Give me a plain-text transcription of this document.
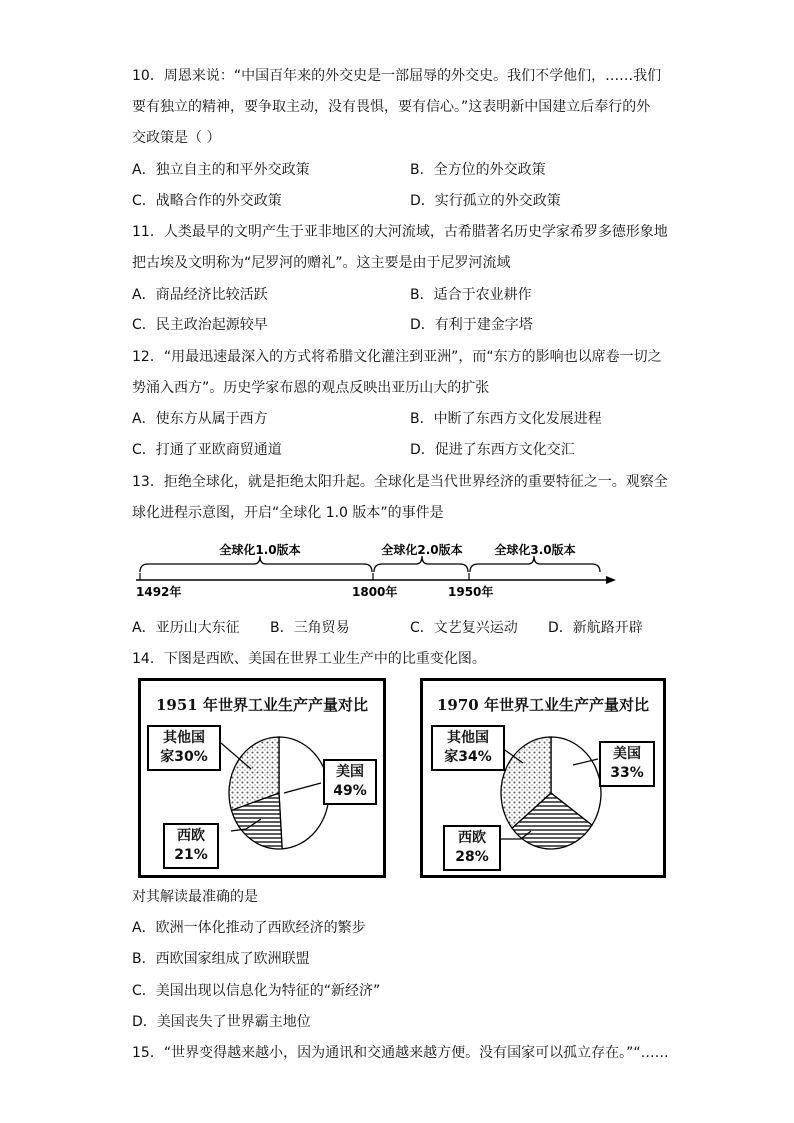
10．周恩来说：“中国百年来的外交史是一部屈辱的外交史。我们不学他们，……我们
要有独立的精神，要争取主动，没有畏惧，要有信心。”这表明新中国建立后奉行的外
交政策是（ ）
A．独立自主的和平外交政策	B．全方位的外交政策
C．战略合作的外交政策	D．实行孤立的外交政策
11．人类最早的文明产生于亚非地区的大河流域，古希腊著名历史学家希罗多德形象地
把古埃及文明称为“尼罗河的赠礼”。这主要是由于尼罗河流域
A．商品经济比较活跃	B．适合于农业耕作
C．民主政治起源较早	D．有利于建金字塔
12．“用最迅速最深入的方式将希腊文化灌注到亚洲”，而“东方的影响也以席卷一切之
势涌入西方”。历史学家布恩的观点反映出亚历山大的扩张
A．使东方从属于西方	B．中断了东西方文化发展进程
C．打通了亚欧商贸通道	D．促进了东西方文化交汇
13．拒绝全球化，就是拒绝太阳升起。全球化是当代世界经济的重要特征之一。观察全
球化进程示意图，开启“全球化 1.0 版本”的事件是
全球化1.0版本	全球化2.0版本	全球化3.0版本
1492年	1800年	1950年
A．亚历山大东征 B．三角贸易	C．文艺复兴运动 D．新航路开辟
14．下图是西欧、美国在世界工业生产中的比重变化图。
1951 年世界工业生产产量对比
其他国
家30%
美国
49%
西欧
21%
1970 年世界工业生产产量对比
其他国
家34%	美国
33%
西欧
28%
对其解读最准确的是
A．欧洲一体化推动了西欧经济的繁步
B．西欧国家组成了欧洲联盟
C．美国出现以信息化为特征的“新经济”
D．美国丧失了世界霸主地位
15．“世界变得越来越小，因为通讯和交通越来越方便。没有国家可以孤立存在。”“……
